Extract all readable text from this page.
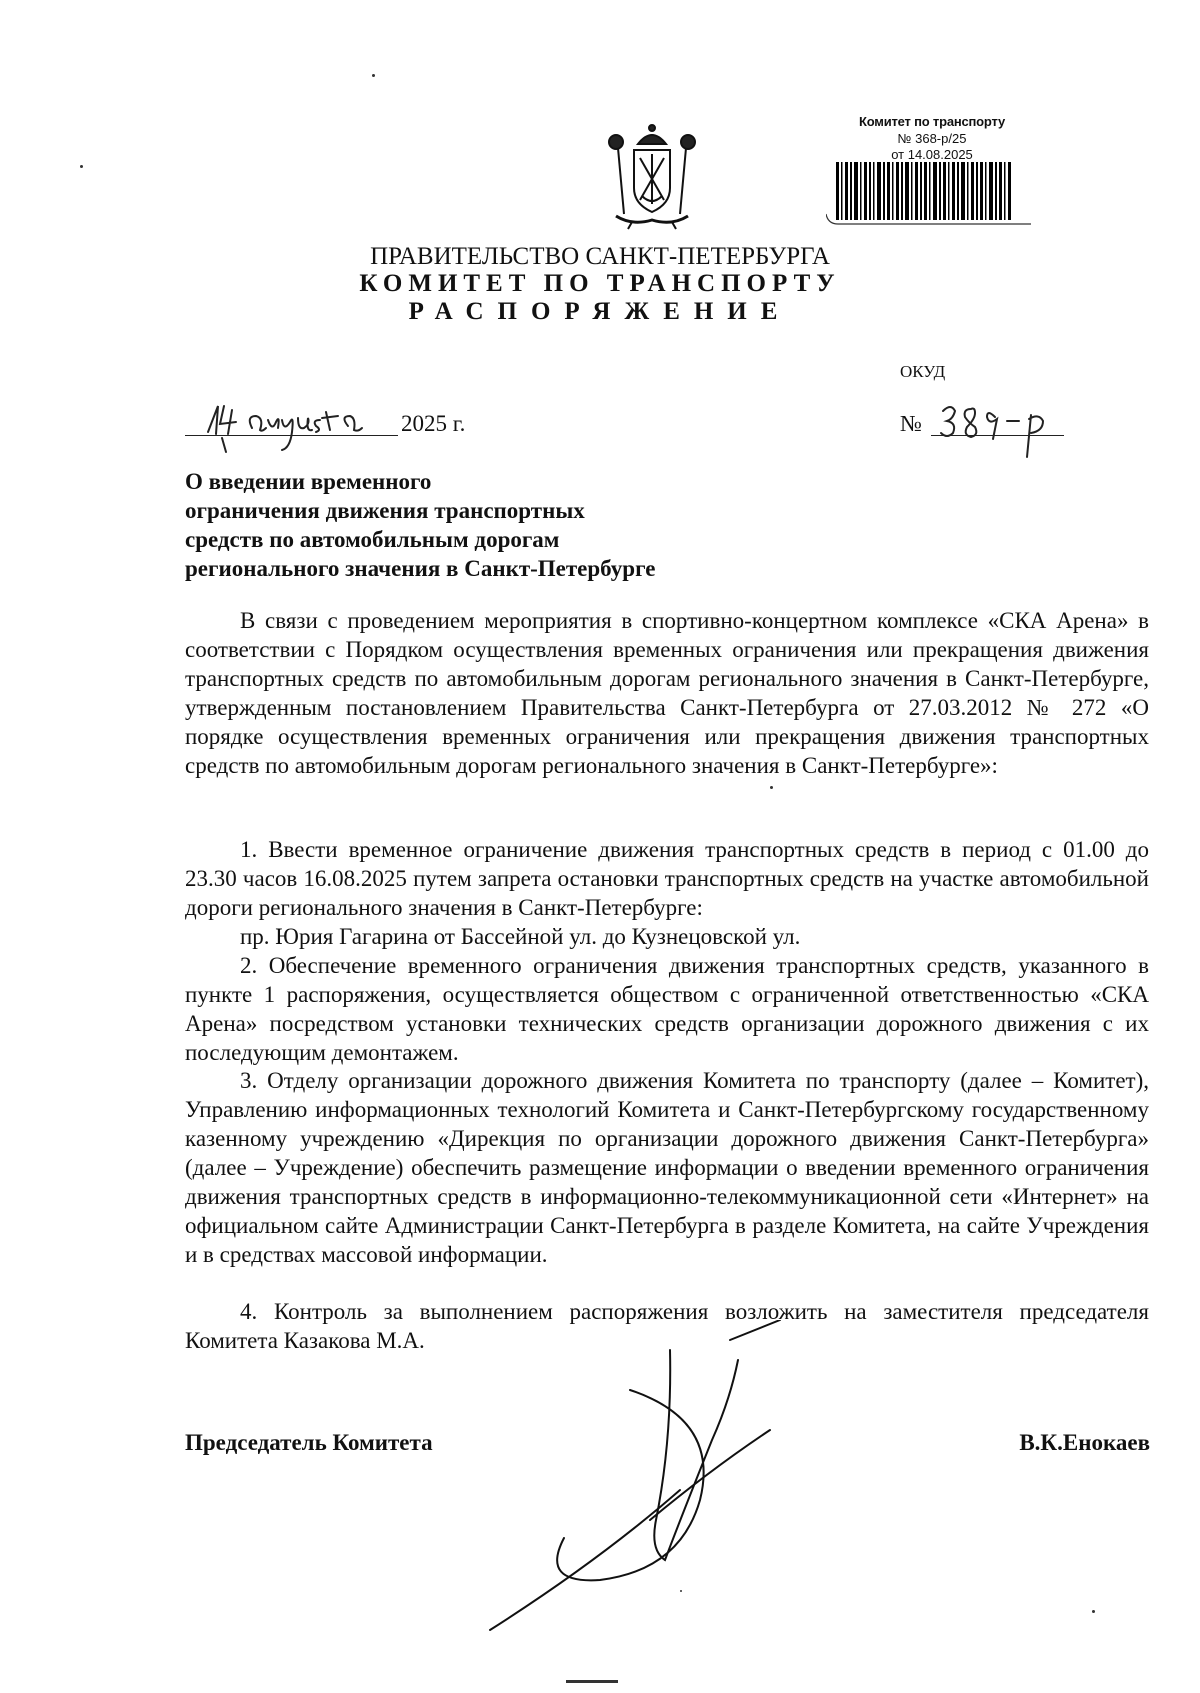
Комитет по транспорту
№ 368-р/25
от 14.08.2025
ПРАВИТЕЛЬСТВО САНКТ-ПЕТЕРБУРГА
КОМИТЕТ ПО ТРАНСПОРТУ
РАСПОРЯЖЕНИЕ
ОКУД
2025 г.	№
О введении временного
ограничения движения транспортных
средств по автомобильным дорогам
регионального значения в Санкт-Петербурге
В связи с проведением мероприятия в спортивно-концертном комплексе «СКА Арена» в соответствии с Порядком осуществления временных ограничения или прекращения движения транспортных средств по автомобильным дорогам регионального значения в Санкт-Петербурге, утвержденным постановлением Правительства Санкт-Петербурга от 27.03.2012 № 272 «О порядке осуществления временных ограничения или прекращения движения транспортных средств по автомобильным дорогам регионального значения в Санкт-Петербурге»:
1. Ввести временное ограничение движения транспортных средств в период с 01.00 до 23.30 часов 16.08.2025 путем запрета остановки транспортных средств на участке автомобильной дороги регионального значения в Санкт-Петербурге:
пр. Юрия Гагарина от Бассейной ул. до Кузнецовской ул.
2. Обеспечение временного ограничения движения транспортных средств, указанного в пункте 1 распоряжения, осуществляется обществом с ограниченной ответственностью «СКА Арена» посредством установки технических средств организации дорожного движения с их последующим демонтажем.
3. Отделу организации дорожного движения Комитета по транспорту (далее – Комитет), Управлению информационных технологий Комитета и Санкт-Петербургскому государственному казенному учреждению «Дирекция по организации дорожного движения Санкт-Петербурга» (далее – Учреждение) обеспечить размещение информации о введении временного ограничения движения транспортных средств в информационно-телекоммуникационной сети «Интернет» на официальном сайте Администрации Санкт-Петербурга в разделе Комитета, на сайте Учреждения и в средствах массовой информации.
4. Контроль за выполнением распоряжения возложить на заместителя председателя Комитета Казакова М.А.
Председатель Комитета	В.К.Енокаев
